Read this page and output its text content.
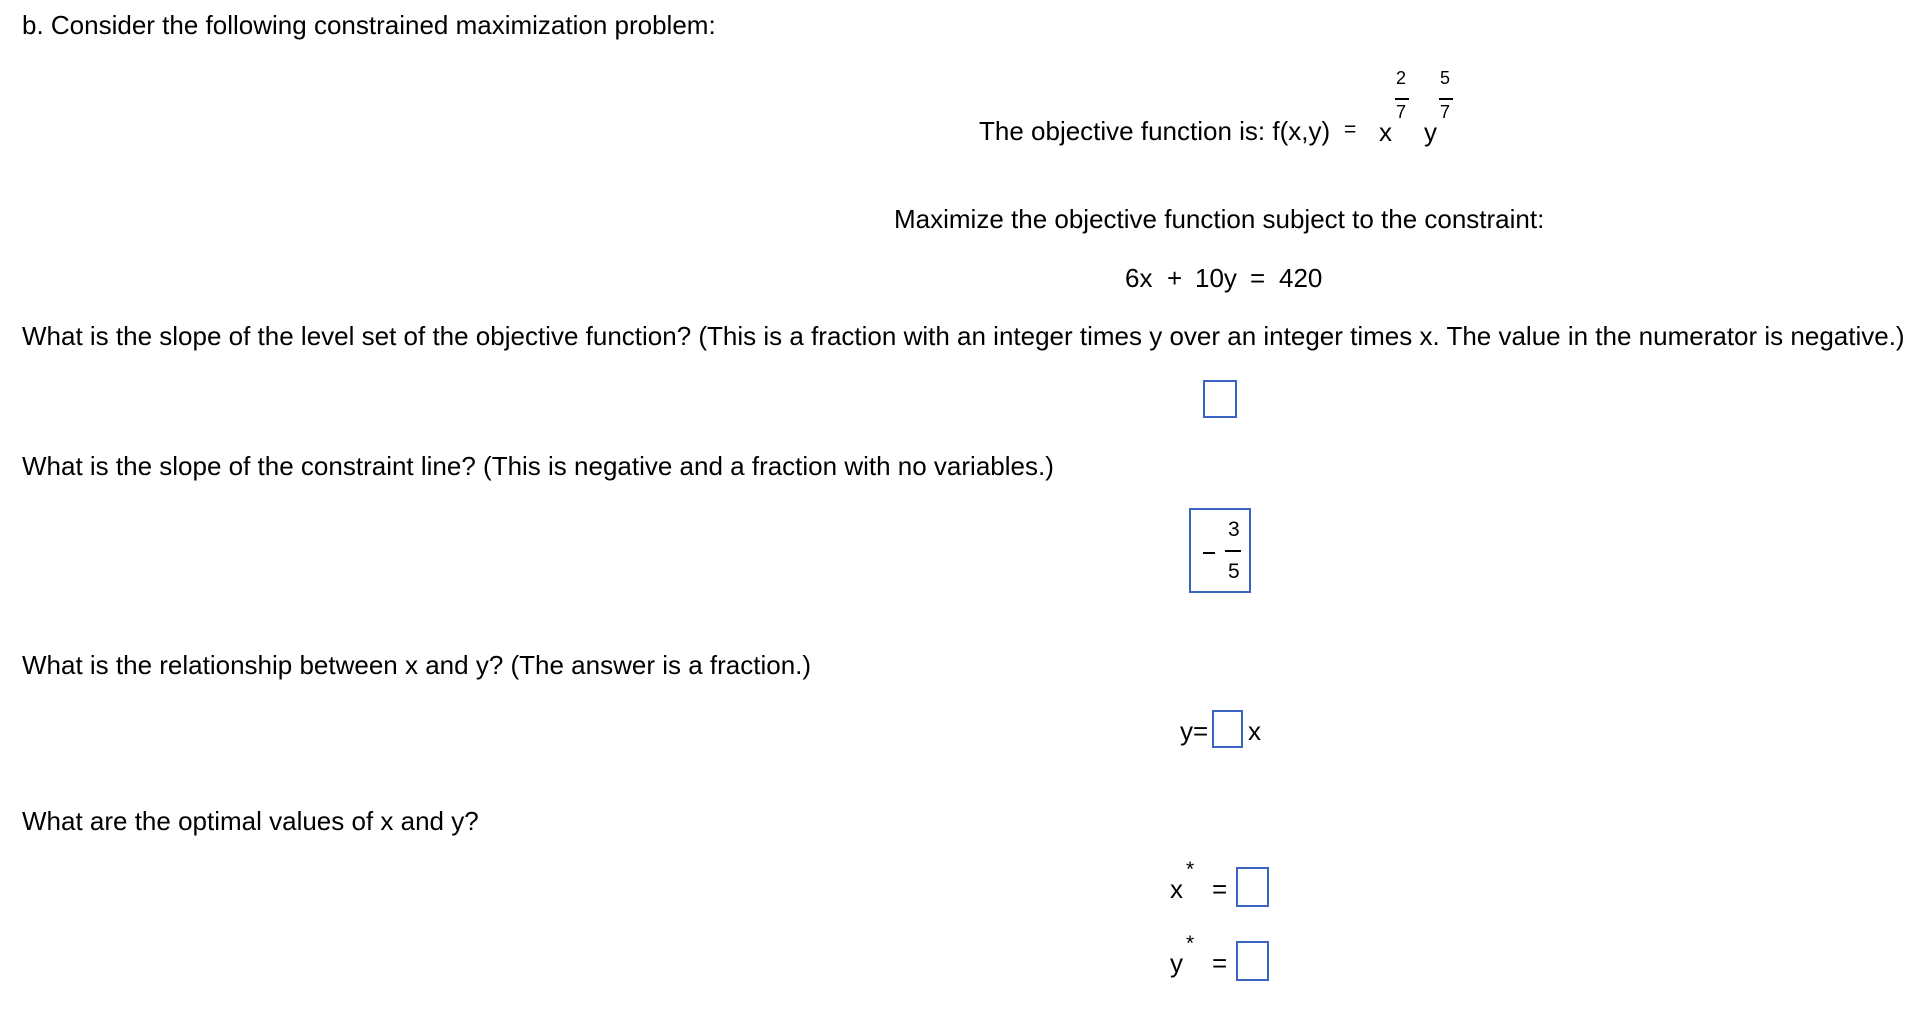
b. Consider the following constrained maximization problem:
The objective function is: f(x,y) = x
2
7
y
5
7
Maximize the objective function subject to the constraint:
6x + 10y = 420
What is the slope of the level set of the objective function? (This is a fraction with an integer times y over an integer times x. The value in the numerator is negative.)
What is the slope of the constraint line? (This is negative and a fraction with no variables.)
3
5
What is the relationship between x and y? (The answer is a fraction.)
y= x
What are the optimal values of x and y?
x
*
=
y
*
=
